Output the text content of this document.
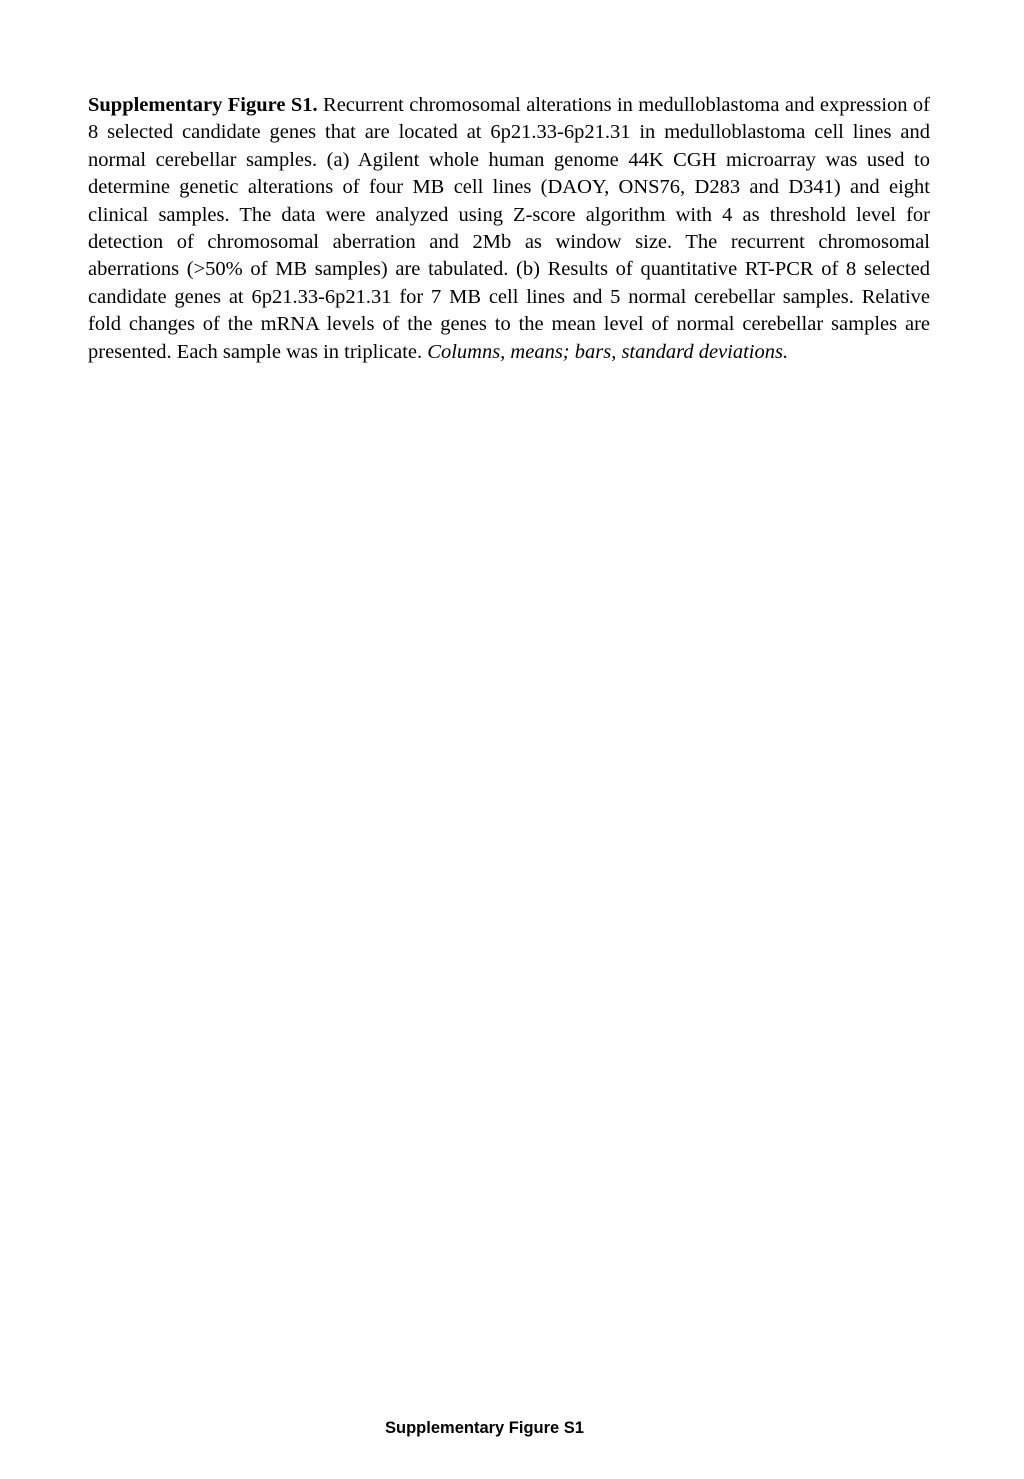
Supplementary Figure S1. Recurrent chromosomal alterations in medulloblastoma and expression of 8 selected candidate genes that are located at 6p21.33-6p21.31 in medulloblastoma cell lines and normal cerebellar samples. (a) Agilent whole human genome 44K CGH microarray was used to determine genetic alterations of four MB cell lines (DAOY, ONS76, D283 and D341) and eight clinical samples. The data were analyzed using Z-score algorithm with 4 as threshold level for detection of chromosomal aberration and 2Mb as window size. The recurrent chromosomal aberrations (>50% of MB samples) are tabulated. (b) Results of quantitative RT-PCR of 8 selected candidate genes at 6p21.33-6p21.31 for 7 MB cell lines and 5 normal cerebellar samples. Relative fold changes of the mRNA levels of the genes to the mean level of normal cerebellar samples are presented. Each sample was in triplicate. Columns, means; bars, standard deviations.

Supplementary Figure S1
